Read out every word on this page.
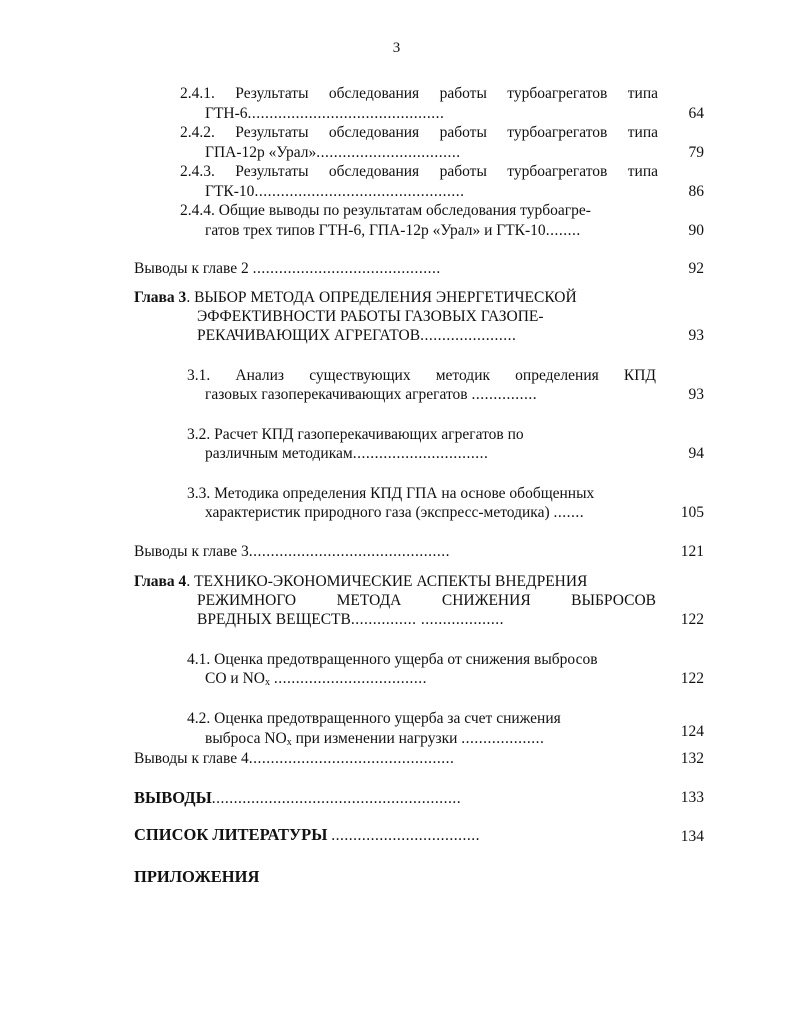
3
2.4.1. Результаты обследования работы турбоагрегатов типа
ГТН-6.............................................	64
2.4.2. Результаты обследования работы турбоагрегатов типа
ГПА-12р «Урал».................................	79
2.4.3. Результаты обследования работы турбоагрегатов типа
ГТК-10................................................	86
2.4.4. Общие выводы по результатам обследования турбоагре-
гатов трех типов ГТН-6, ГПА-12р «Урал» и ГТК-10........	90
Выводы к главе 2 ...........................................	92
Глава 3. ВЫБОР МЕТОДА ОПРЕДЕЛЕНИЯ ЭНЕРГЕТИЧЕСКОЙ
ЭФФЕКТИВНОСТИ РАБОТЫ ГАЗОВЫХ ГАЗОПЕ-
РЕКАЧИВАЮЩИХ АГРЕГАТОВ......................	93
3.1. Анализ существующих методик определения КПД
газовых газоперекачивающих агрегатов ...............	93
3.2. Расчет КПД газоперекачивающих агрегатов по
различным методикам...............................	94
3.3. Методика определения КПД ГПА на основе обобщенных
характеристик природного газа (экспресс-методика) .......	105
Выводы к главе 3..............................................	121
Глава 4. ТЕХНИКО-ЭКОНОМИЧЕСКИЕ АСПЕКТЫ ВНЕДРЕНИЯ
РЕЖИМНОГО МЕТОДА СНИЖЕНИЯ ВЫБРОСОВ
ВРЕДНЫХ ВЕЩЕСТВ............... ...................	122
4.1. Оценка предотвращенного ущерба от снижения выбросов
СО и $NO_x$ ...................................	122
4.2. Оценка предотвращенного ущерба за счет снижения
выброса $NO_x$ при изменении нагрузки ...................	124
Выводы к главе 4...............................................	132
ВЫВОДЫ.........................................................	133
СПИСОК ЛИТЕРАТУРЫ ..................................	134
ПРИЛОЖЕНИЯ
